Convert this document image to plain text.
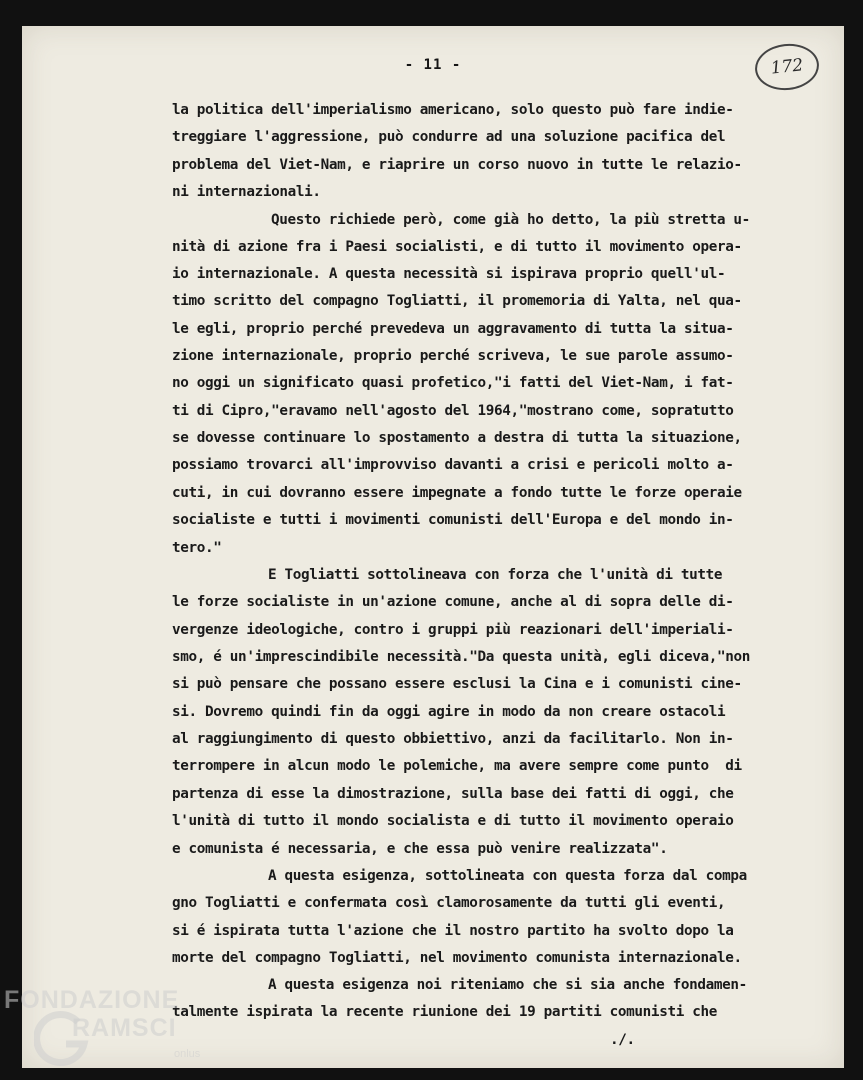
- 11 -	172
la politica dell'imperialismo americano, solo questo può fare indie-
treggiare l'aggressione, può condurre ad una soluzione pacifica del
problema del Viet-Nam, e riaprire un corso nuovo in tutte le relazio-
ni internazionali.
Questo richiede però, come già ho detto, la più stretta u-
nità di azione fra i Paesi socialisti, e di tutto il movimento opera-
io internazionale. A questa necessità si ispirava proprio quell'ul-
timo scritto del compagno Togliatti, il promemoria di Yalta, nel qua-
le egli, proprio perché prevedeva un aggravamento di tutta la situa-
zione internazionale, proprio perché scriveva, le sue parole assumo-
no oggi un significato quasi profetico,"i fatti del Viet-Nam, i fat-
ti di Cipro,"eravamo nell'agosto del 1964,"mostrano come, sopratutto
se dovesse continuare lo spostamento a destra di tutta la situazione,
possiamo trovarci all'improvviso davanti a crisi e pericoli molto a-
cuti, in cui dovranno essere impegnate a fondo tutte le forze operaie
socialiste e tutti i movimenti comunisti dell'Europa e del mondo in-
tero."
E Togliatti sottolineava con forza che l'unità di tutte
le forze socialiste in un'azione comune, anche al di sopra delle di-
vergenze ideologiche, contro i gruppi più reazionari dell'imperiali-
smo, é un'imprescindibile necessità."Da questa unità, egli diceva,"non
si può pensare che possano essere esclusi la Cina e i comunisti cine-
si. Dovremo quindi fin da oggi agire in modo da non creare ostacoli
al raggiungimento di questo obbiettivo, anzi da facilitarlo. Non in-
terrompere in alcun modo le polemiche, ma avere sempre come punto  di
partenza di esse la dimostrazione, sulla base dei fatti di oggi, che
l'unità di tutto il mondo socialista e di tutto il movimento operaio
e comunista é necessaria, e che essa può venire realizzata".
A questa esigenza, sottolineata con questa forza dal compa
gno Togliatti e confermata così clamorosamente da tutti gli eventi,
si é ispirata tutta l'azione che il nostro partito ha svolto dopo la
morte del compagno Togliatti, nel movimento comunista internazionale.
A questa esigenza noi riteniamo che si sia anche fondamen-
talmente ispirata la recente riunione dei 19 partiti comunisti che
./.
FONDAZIONE
RAMSCI
onlus
